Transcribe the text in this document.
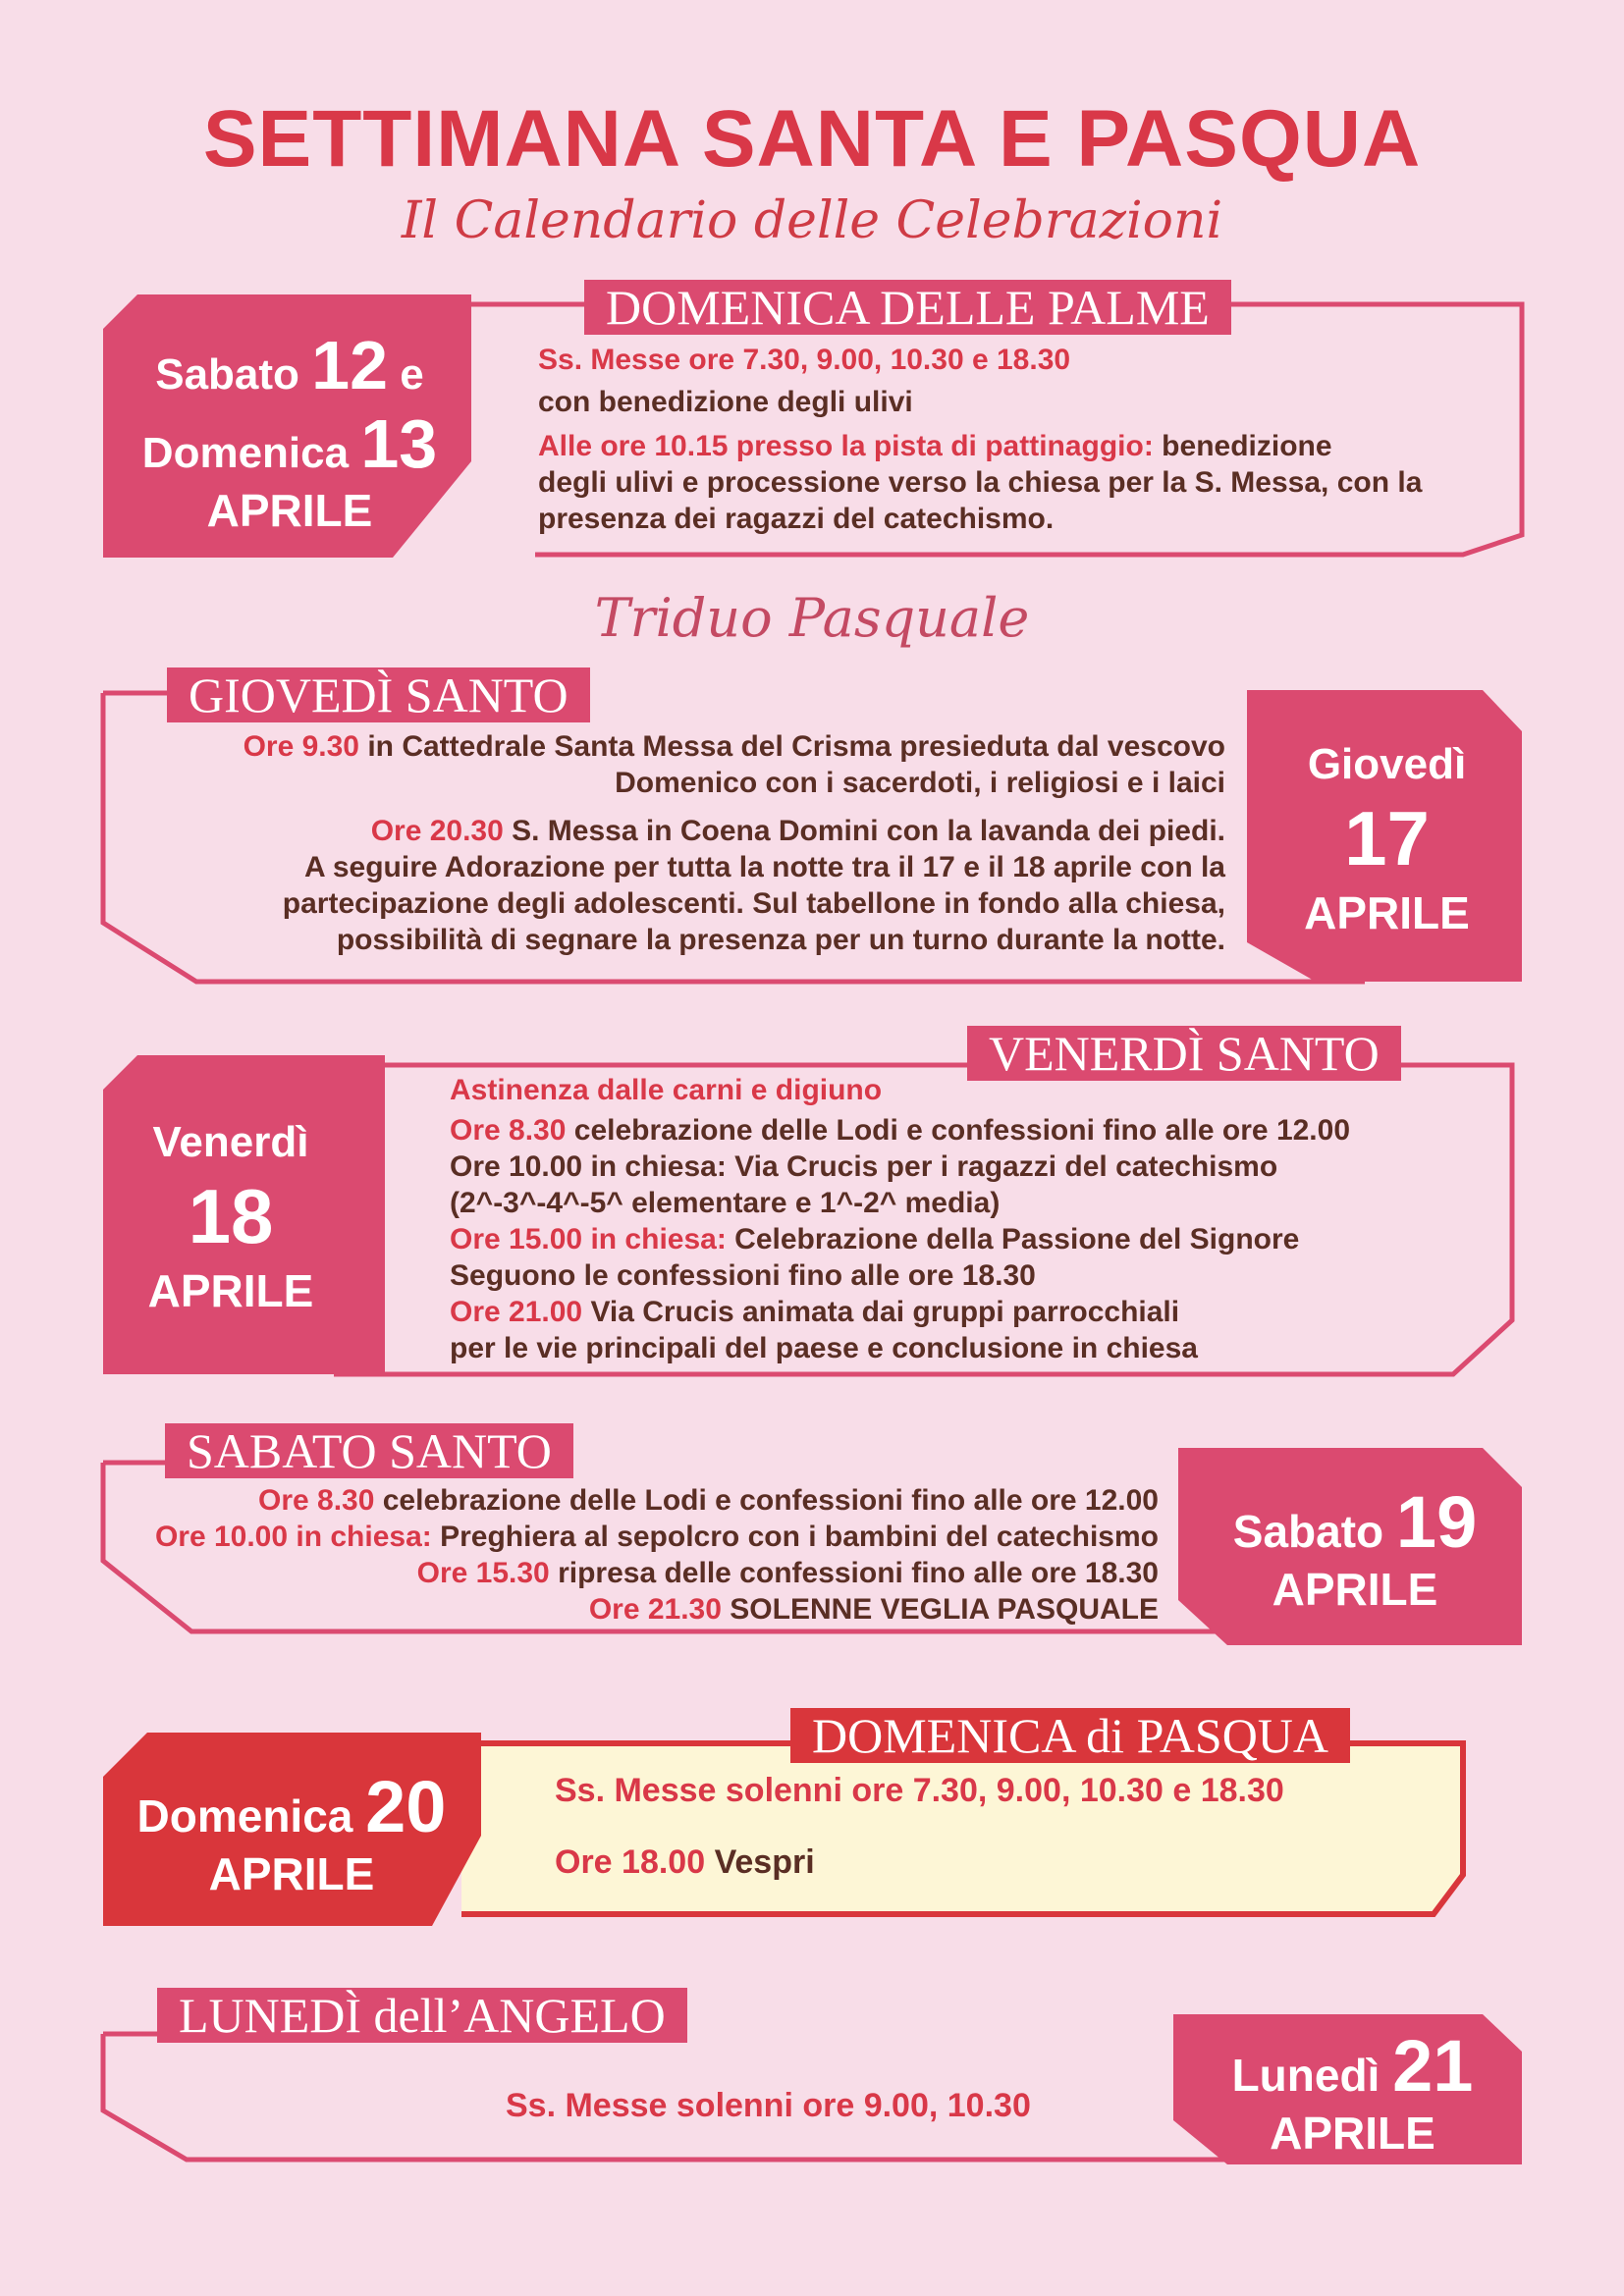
SETTIMANA SANTA E PASQUA
Il Calendario delle Celebrazioni
DOMENICA DELLE PALME
Sabato 12 e
Domenica 13
APRILE
Ss. Messe ore 7.30, 9.00, 10.30 e 18.30
con benedizione degli ulivi
Alle ore 10.15 presso la pista di pattinaggio: benedizione
degli ulivi e processione verso la chiesa per la S. Messa, con la
presenza dei ragazzi del catechismo.
Triduo Pasquale
GIOVEDÌ SANTO
Ore 9.30 in Cattedrale Santa Messa del Crisma presieduta dal vescovo
Domenico con i sacerdoti, i religiosi e i laici
Ore 20.30 S. Messa in Coena Domini con la lavanda dei piedi.
A seguire Adorazione per tutta la notte tra il 17 e il 18 aprile con la
partecipazione degli adolescenti. Sul tabellone in fondo alla chiesa,
possibilità di segnare la presenza per un turno durante la notte.
Giovedì
17
APRILE
VENERDÌ SANTO
Venerdì
18
APRILE
Astinenza dalle carni e digiuno
Ore 8.30 celebrazione delle Lodi e confessioni fino alle ore 12.00
Ore 10.00 in chiesa: Via Crucis per i ragazzi del catechismo
(2^-3^-4^-5^ elementare e 1^-2^ media)
Ore 15.00 in chiesa: Celebrazione della Passione del Signore
Seguono le confessioni fino alle ore 18.30
Ore 21.00 Via Crucis animata dai gruppi parrocchiali
per le vie principali del paese e conclusione in chiesa
SABATO SANTO
Ore 8.30 celebrazione delle Lodi e confessioni fino alle ore 12.00
Ore 10.00 in chiesa: Preghiera al sepolcro con i bambini del catechismo
Ore 15.30 ripresa delle confessioni fino alle ore 18.30
Ore 21.30 SOLENNE VEGLIA PASQUALE
Sabato 19
APRILE
DOMENICA di PASQUA
Domenica 20
APRILE
Ss. Messe solenni ore 7.30, 9.00, 10.30 e 18.30
Ore 18.00 Vespri
LUNEDÌ dell’ANGELO
Ss. Messe solenni ore 9.00, 10.30
Lunedì 21
APRILE
